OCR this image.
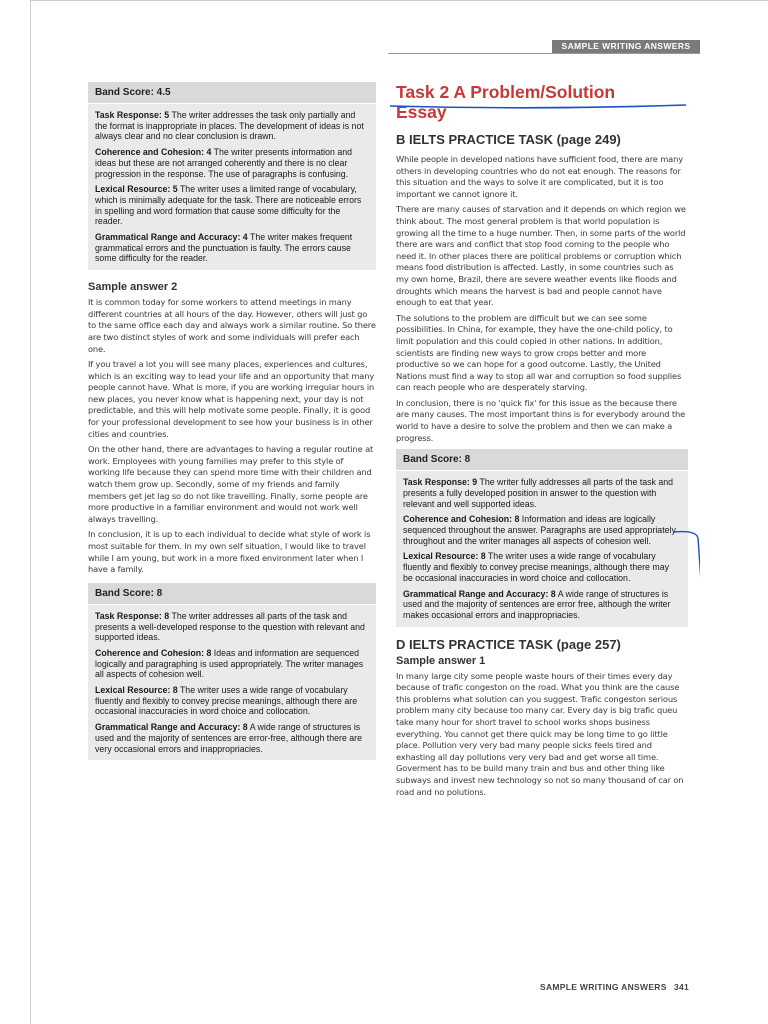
SAMPLE WRITING ANSWERS
Band Score: 4.5

Task Response: 5 The writer addresses the task only partially and the format is inappropriate in places. The development of ideas is not always clear and no clear conclusion is drawn.

Coherence and Cohesion: 4 The writer presents information and ideas but these are not arranged coherently and there is no clear progression in the response. The use of paragraphs is confusing.

Lexical Resource: 5 The writer uses a limited range of vocabulary, which is minimally adequate for the task. There are noticeable errors in spelling and word formation that cause some difficulty for the reader.

Grammatical Range and Accuracy: 4 The writer makes frequent grammatical errors and the punctuation is faulty. The errors cause some difficulty for the reader.

Sample answer 2

It is common today for some workers to attend meetings in many different countries at all hours of the day. However, others will just go to the same office each day and always work a similar routine. So there are two distinct styles of work and some individuals will prefer each one.

If you travel a lot you will see many places, experiences and cultures, which is an exciting way to lead your life and an opportunity that many people cannot have. What is more, if you are working irregular hours in new places, you never know what is happening next, your day is not predictable, and this will help motivate some people. Finally, it is good for your professional development to see how your business is in other cities and countries.

On the other hand, there are advantages to having a regular routine at work. Employees with young families may prefer to this style of working life because they can spend more time with their children and watch them grow up. Secondly, some of my friends and family members get jet lag so do not like travelling. Finally, some people are more productive in a familiar environment and would not work well always travelling.

In conclusion, it is up to each individual to decide what style of work is most suitable for them. In my own self situation, I would like to travel while I am young, but work in a more fixed environment later when I have a family.

Band Score: 8

Task Response: 8 The writer addresses all parts of the task and presents a well-developed response to the question with relevant and supported ideas.

Coherence and Cohesion: 8 Ideas and information are sequenced logically and paragraphing is used appropriately. The writer manages all aspects of cohesion well.

Lexical Resource: 8 The writer uses a wide range of vocabulary fluently and flexibly to convey precise meanings, although there are occasional inaccuracies in word choice and collocation.

Grammatical Range and Accuracy: 8 A wide range of structures is used and the majority of sentences are error-free, although there are very occasional errors and inappropriacies.

Task 2 A Problem/Solution

Essay

B IELTS PRACTICE TASK (page 249)

While people in developed nations have sufficient food, there are many others in developing countries who do not eat enough. The reasons for this situation and the ways to solve it are complicated, but it is too important we cannot ignore it.

There are many causes of starvation and it depends on which region we think about. The most general problem is that world population is growing all the time to a huge number. Then, in some parts of the world there are wars and conflict that stop food coming to the people who need it. In other places there are political problems or corruption which means food distribution is affected. Lastly, in some countries such as my own home, Brazil, there are severe weather events like floods and droughts which means the harvest is bad and people cannot have enough to eat that year.

The solutions to the problem are difficult but we can see some possibilities. In China, for example, they have the one-child policy, to limit population and this could copied in other nations. In addition, scientists are finding new ways to grow crops better and more productive so we can hope for a good outcome. Lastly, the United Nations must find a way to stop all war and corruption so food supplies can reach people who are desperately starving.

In conclusion, there is no 'quick fix' for this issue as the because there are many causes. The most important thins is for everybody around the world to have a desire to solve the problem and then we can make a progress.

Band Score: 8

Task Response: 9 The writer fully addresses all parts of the task and presents a fully developed position in answer to the question with relevant and well supported ideas.

Coherence and Cohesion: 8 Information and ideas are logically sequenced throughout the answer. Paragraphs are used appropriately throughout and the writer manages all aspects of cohesion well.

Lexical Resource: 8 The writer uses a wide range of vocabulary fluently and flexibly to convey precise meanings, although there may be occasional inaccuracies in word choice and collocation.

Grammatical Range and Accuracy: 8 A wide range of structures is used and the majority of sentences are error free, although the writer makes occasional errors and inappropriacies.

D IELTS PRACTICE TASK (page 257)
Sample answer 1

In many large city some people waste hours of their times every day because of trafic congeston on the road. What you think are the cause this problems what solution can you suggest. Trafic congeston serious problem many city because too many car. Every day is big trafic queu take many hour for short travel to school works shops business everything. You cannot get there quick may be long time to go little place. Pollution very very bad many people sicks feels tired and exhasting all day pollutions very very bad and get worse all time. Goverment has to be build many train and bus and other thing like subways and invest new technology so not so many thousand of car on road and no polutions.

SAMPLE WRITING ANSWERS 341
